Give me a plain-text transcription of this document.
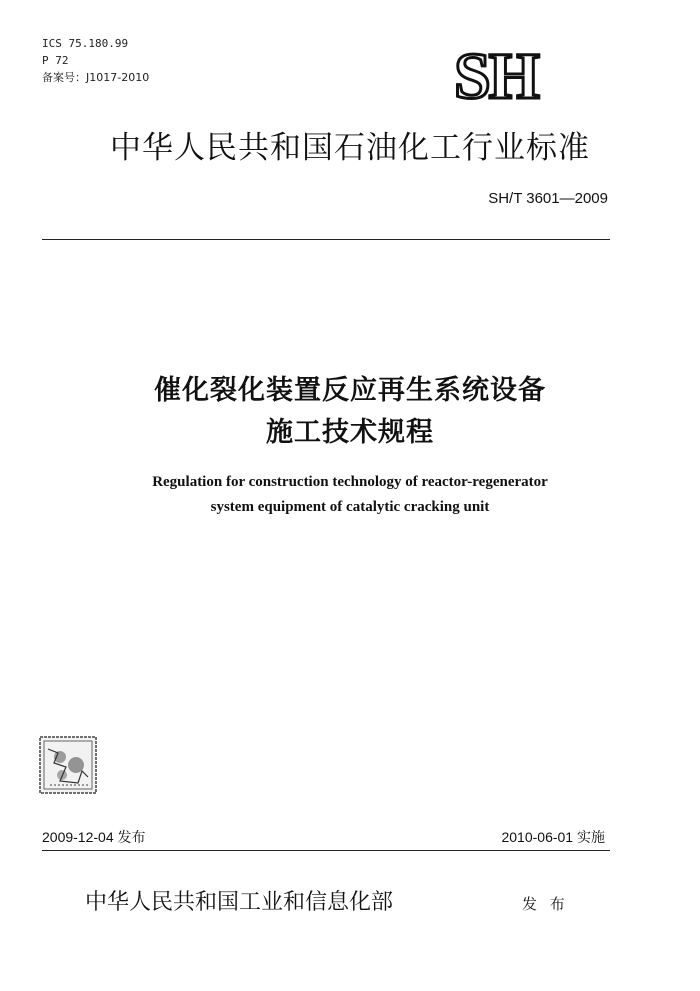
ICS 75.180.99
P 72
备案号：J1017-2010	SH
中华人民共和国石油化工行业标准
SH/T 3601—2009
催化裂化装置反应再生系统设备
施工技术规程
Regulation for construction technology of reactor-regenerator
system equipment of catalytic cracking unit
2009-12-04 发布	2010-06-01 实施
中华人民共和国工业和信息化部	发 布
